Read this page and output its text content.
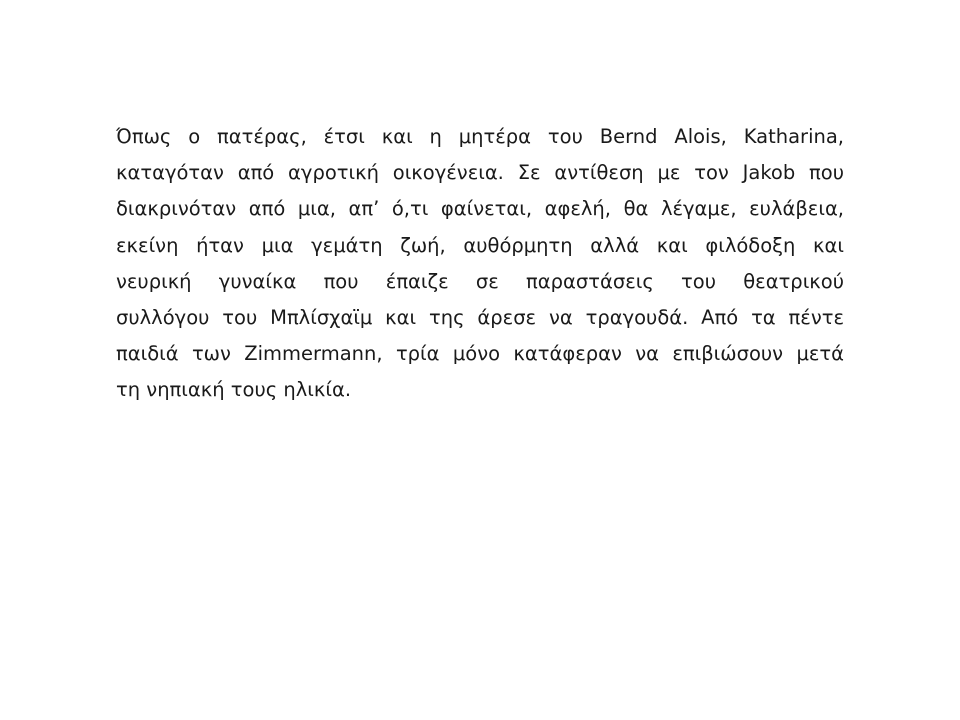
Όπως ο πατέρας, έτσι και η μητέρα του Bernd Alois, Katharina,
καταγόταν από αγροτική οικογένεια. Σε αντίθεση με τον Jakob που
διακρινόταν από μια, απ’ ό,τι φαίνεται, αφελή, θα λέγαμε, ευλάβεια,
εκείνη ήταν μια γεμάτη ζωή, αυθόρμητη αλλά και φιλόδοξη και
νευρική γυναίκα που έπαιζε σε παραστάσεις του θεατρικού
συλλόγου του Μπλίσχαϊμ και της άρεσε να τραγουδά. Από τα πέντε
παιδιά των Zimmermann, τρία μόνο κατάφεραν να επιβιώσουν μετά
τη νηπιακή τους ηλικία.
